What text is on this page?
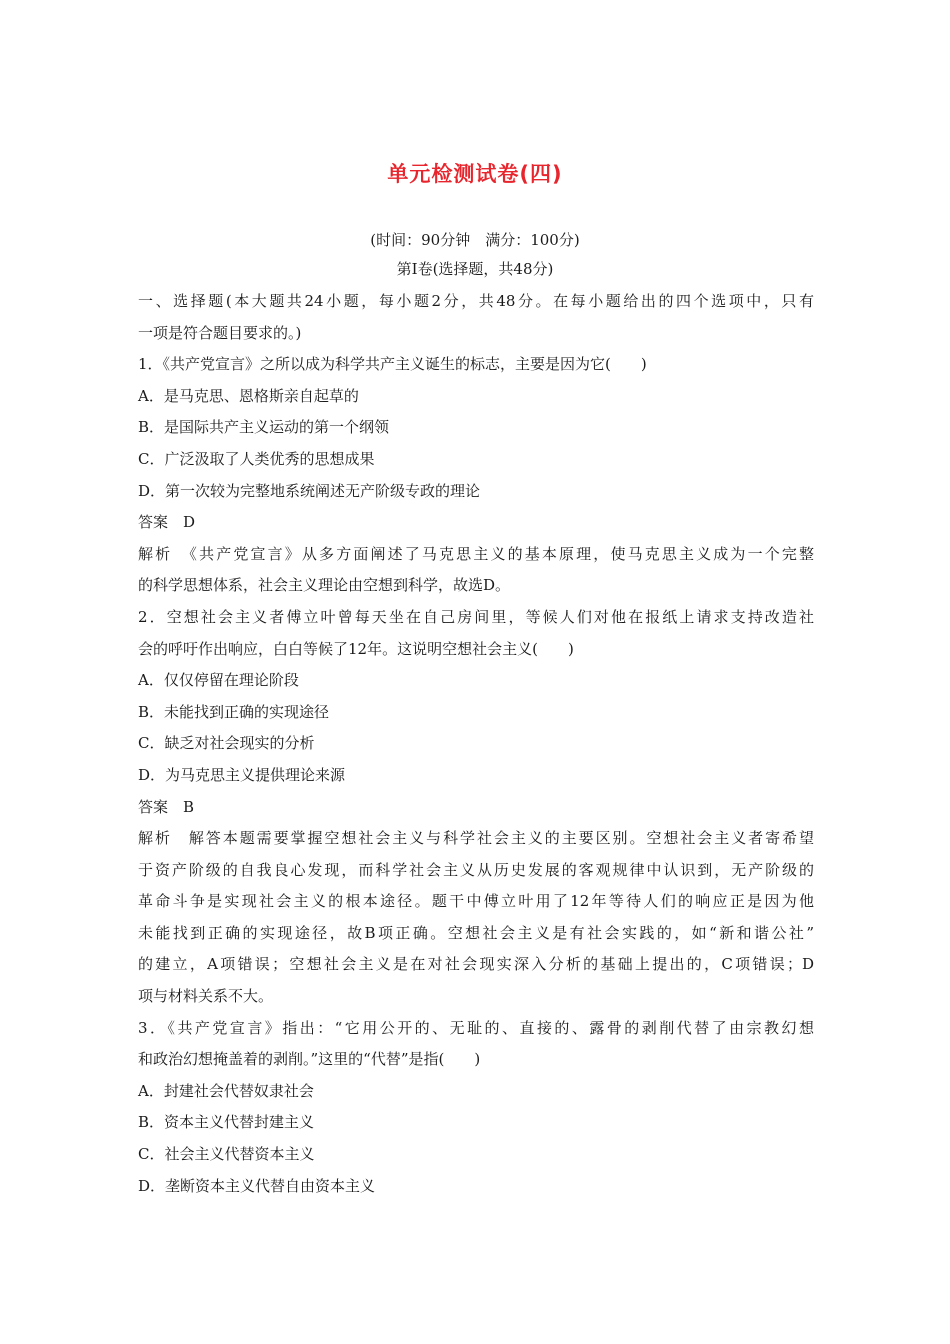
单元检测试卷(四)
(时间：90分钟　满分：100分)
第Ⅰ卷(选择题，共48分)
一、选择题(本大题共24小题，每小题2分，共48分。在每小题给出的四个选项中，只有
一项是符合题目要求的。)
1．《共产党宣言》之所以成为科学共产主义诞生的标志，主要是因为它(　　)
A．是马克思、恩格斯亲自起草的
B．是国际共产主义运动的第一个纲领
C．广泛汲取了人类优秀的思想成果
D．第一次较为完整地系统阐述无产阶级专政的理论
答案　D
解析　《共产党宣言》从多方面阐述了马克思主义的基本原理，使马克思主义成为一个完整
的科学思想体系，社会主义理论由空想到科学，故选D。
2．空想社会主义者傅立叶曾每天坐在自己房间里，等候人们对他在报纸上请求支持改造社
会的呼吁作出响应，白白等候了12年。这说明空想社会主义(　　)
A．仅仅停留在理论阶段
B．未能找到正确的实现途径
C．缺乏对社会现实的分析
D．为马克思主义提供理论来源
答案　B
解析　解答本题需要掌握空想社会主义与科学社会主义的主要区别。空想社会主义者寄希望
于资产阶级的自我良心发现，而科学社会主义从历史发展的客观规律中认识到，无产阶级的
革命斗争是实现社会主义的根本途径。题干中傅立叶用了12年等待人们的响应正是因为他
未能找到正确的实现途径，故B项正确。空想社会主义是有社会实践的，如“新和谐公社”
的建立，A项错误；空想社会主义是在对社会现实深入分析的基础上提出的，C项错误；D
项与材料关系不大。
3．《共产党宣言》指出：“它用公开的、无耻的、直接的、露骨的剥削代替了由宗教幻想
和政治幻想掩盖着的剥削。”这里的“代替”是指(　　)
A．封建社会代替奴隶社会
B．资本主义代替封建主义
C．社会主义代替资本主义
D．垄断资本主义代替自由资本主义
